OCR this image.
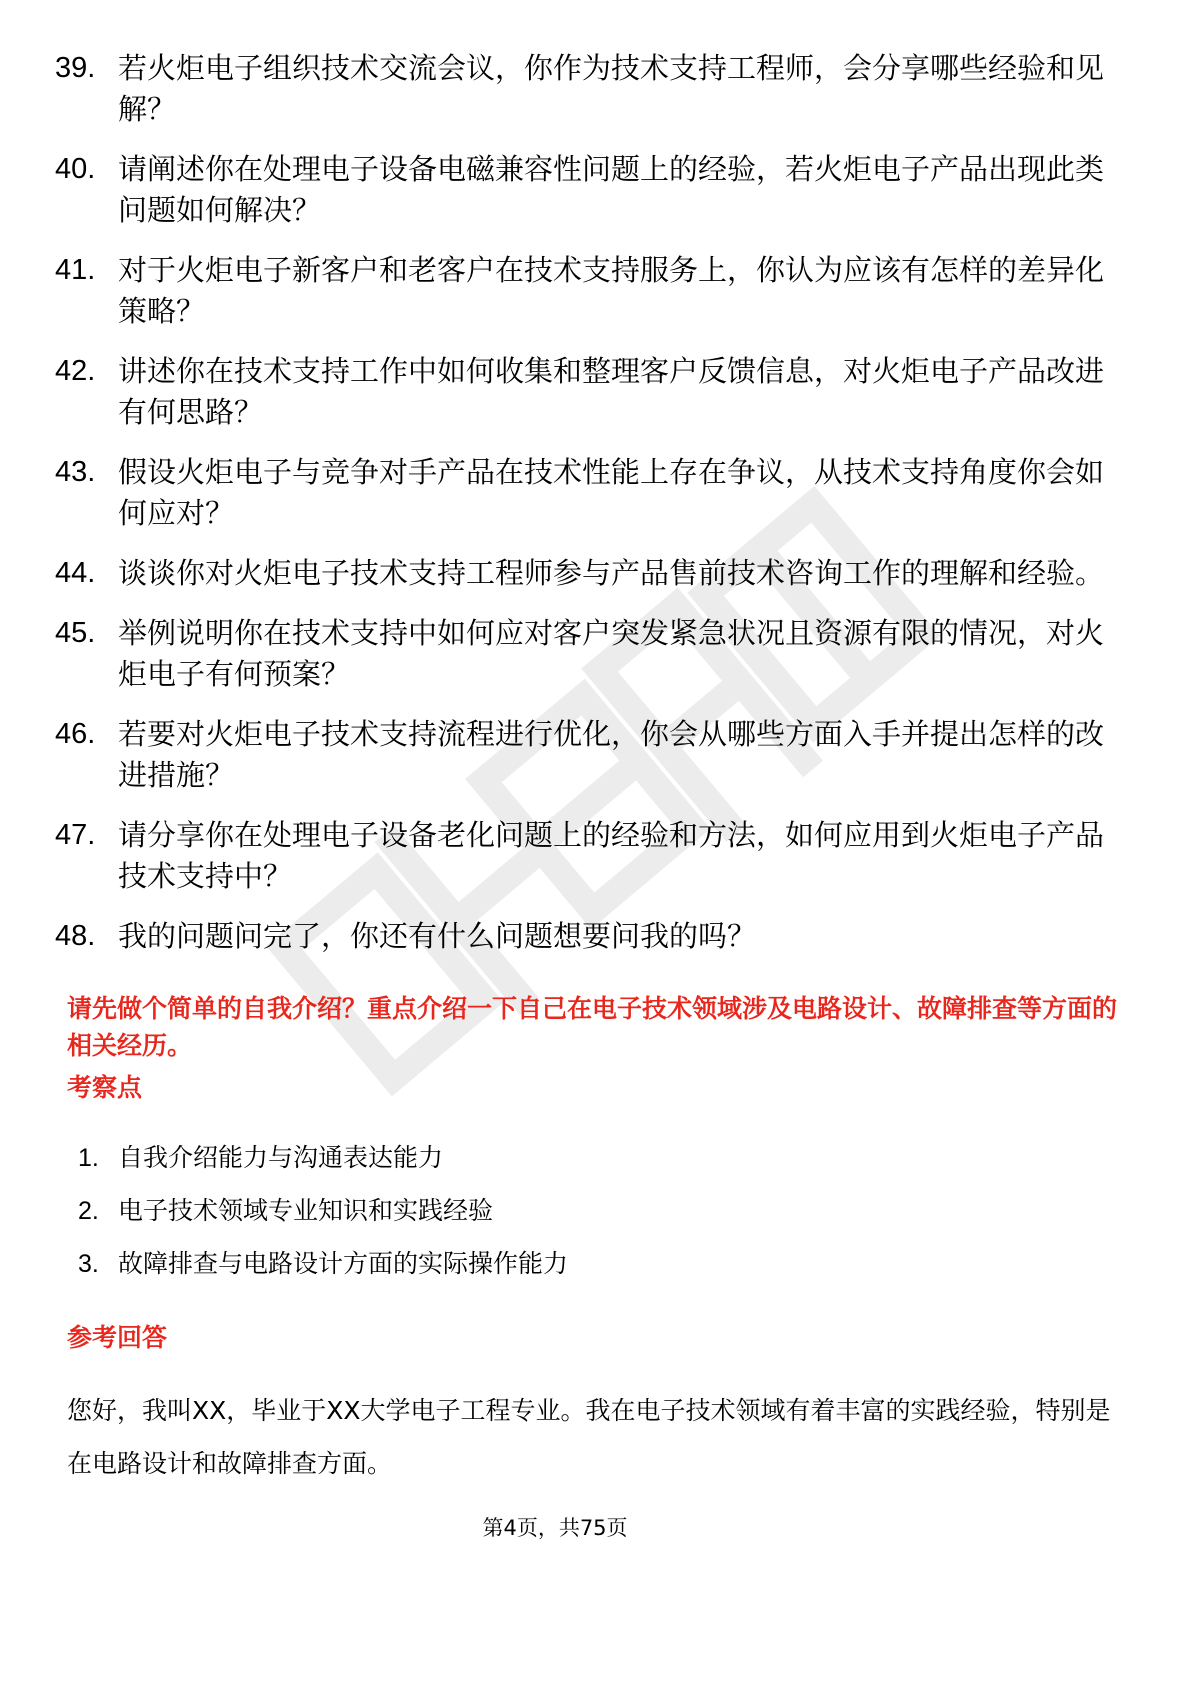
39. 若火炬电子组织技术交流会议，你作为技术支持工程师，会分享哪些经验和见解？
40. 请阐述你在处理电子设备电磁兼容性问题上的经验，若火炬电子产品出现此类问题如何解决？
41. 对于火炬电子新客户和老客户在技术支持服务上，你认为应该有怎样的差异化策略？
42. 讲述你在技术支持工作中如何收集和整理客户反馈信息，对火炬电子产品改进有何思路？
43. 假设火炬电子与竞争对手产品在技术性能上存在争议，从技术支持角度你会如何应对？
44. 谈谈你对火炬电子技术支持工程师参与产品售前技术咨询工作的理解和经验。
45. 举例说明你在技术支持中如何应对客户突发紧急状况且资源有限的情况，对火炬电子有何预案？
46. 若要对火炬电子技术支持流程进行优化，你会从哪些方面入手并提出怎样的改进措施？
47. 请分享你在处理电子设备老化问题上的经验和方法，如何应用到火炬电子产品技术支持中？
48. 我的问题问完了，你还有什么问题想要问我的吗？

请先做个简单的自我介绍？重点介绍一下自己在电子技术领域涉及电路设计、故障排查等方面的相关经历。

考察点

1. 自我介绍能力与沟通表达能力
2. 电子技术领域专业知识和实践经验
3. 故障排查与电路设计方面的实际操作能力

参考回答

您好，我叫XX，毕业于XX大学电子工程专业。我在电子技术领域有着丰富的实践经验，特别是在电路设计和故障排查方面。

第4页，共75页
